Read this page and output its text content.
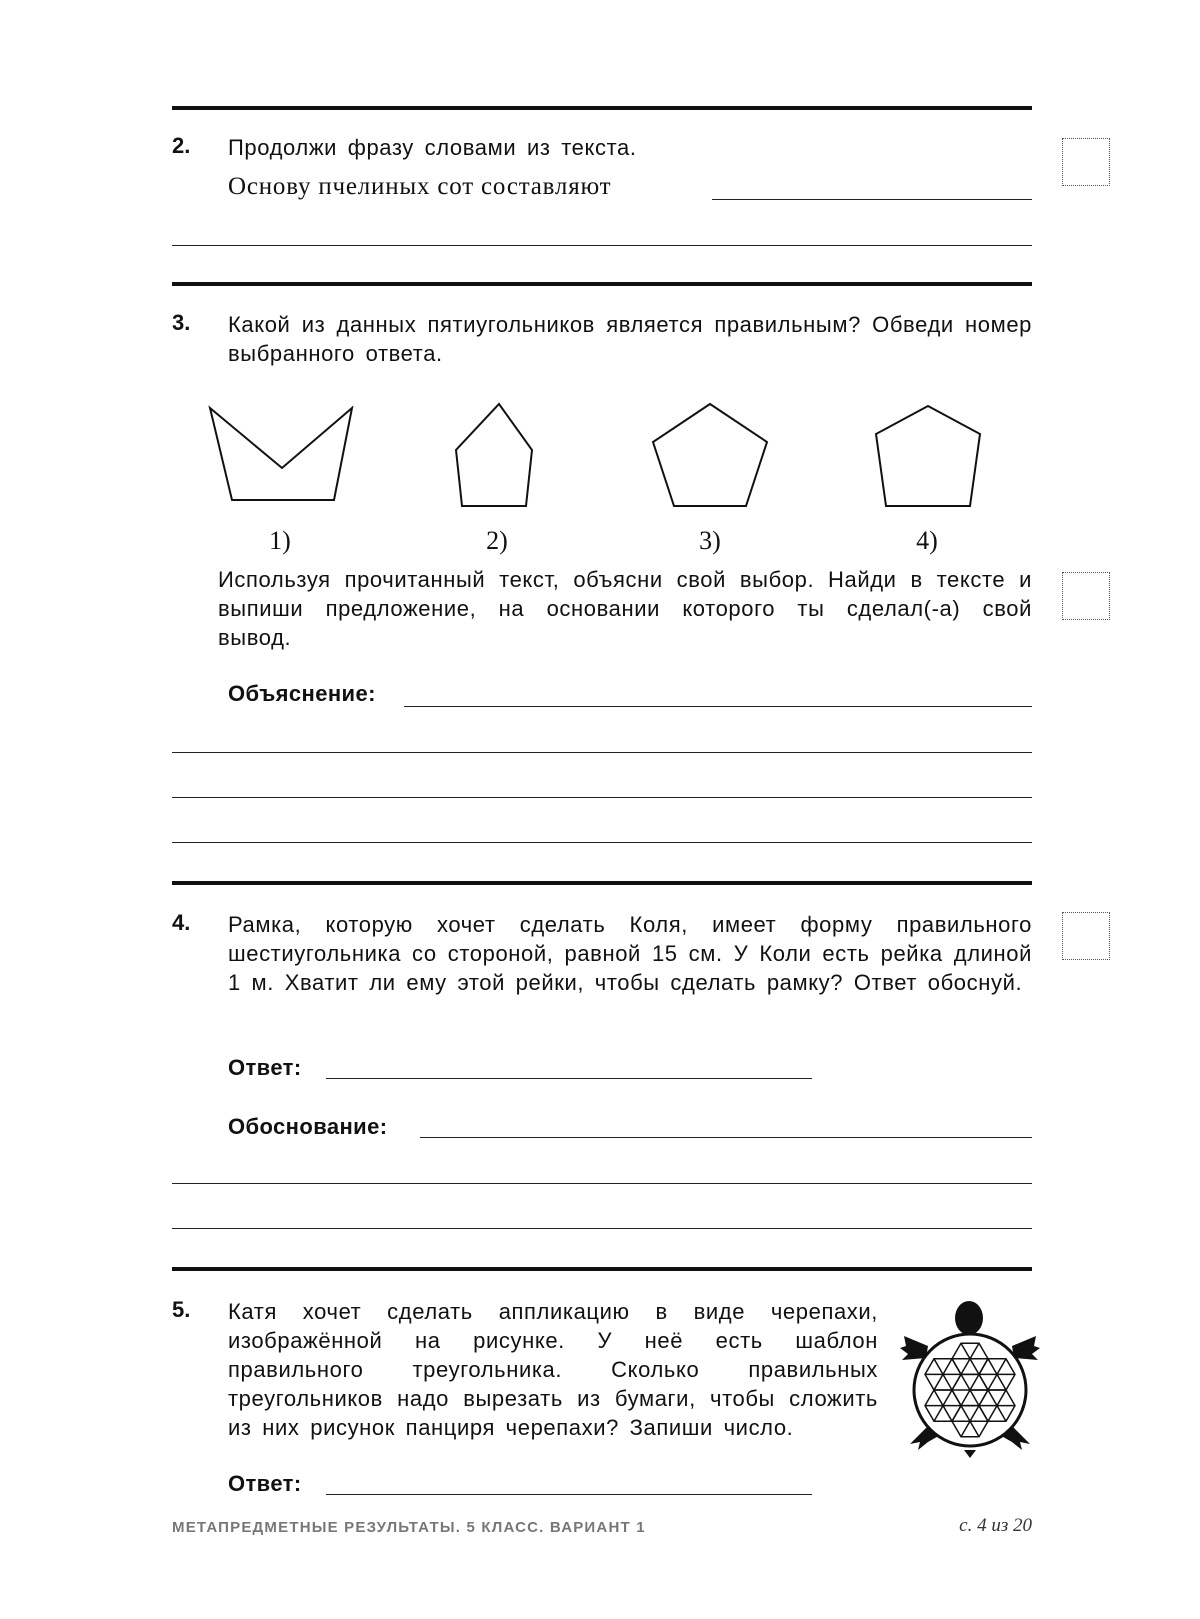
2. Продолжи фразу словами из текста.
Основу пчелиных сот составляют
3. Какой из данных пятиугольников является правильным? Обведи номер выбранного ответа.
1)	2)	3)	4)
Используя прочитанный текст, объясни свой выбор. Найди в тексте и выпиши предложение, на основании которого ты сделал(-а) свой вывод.
Объяснение:
4. Рамка, которую хочет сделать Коля, имеет форму правильного шестиугольника со стороной, равной 15 см. У Коли есть рейка длиной 1 м. Хватит ли ему этой рейки, чтобы сделать рамку? Ответ обоснуй.
Ответ:
Обоснование:
5. Катя хочет сделать аппликацию в виде черепахи, изображённой на рисунке. У неё есть шаблон правильного треугольника. Сколько правильных треугольников надо вырезать из бумаги, чтобы сложить из них рисунок панциря черепахи? Запиши число.
Ответ:
МЕТАПРЕДМЕТНЫЕ РЕЗУЛЬТАТЫ. 5 КЛАСС. ВАРИАНТ 1	с. 4 из 20
